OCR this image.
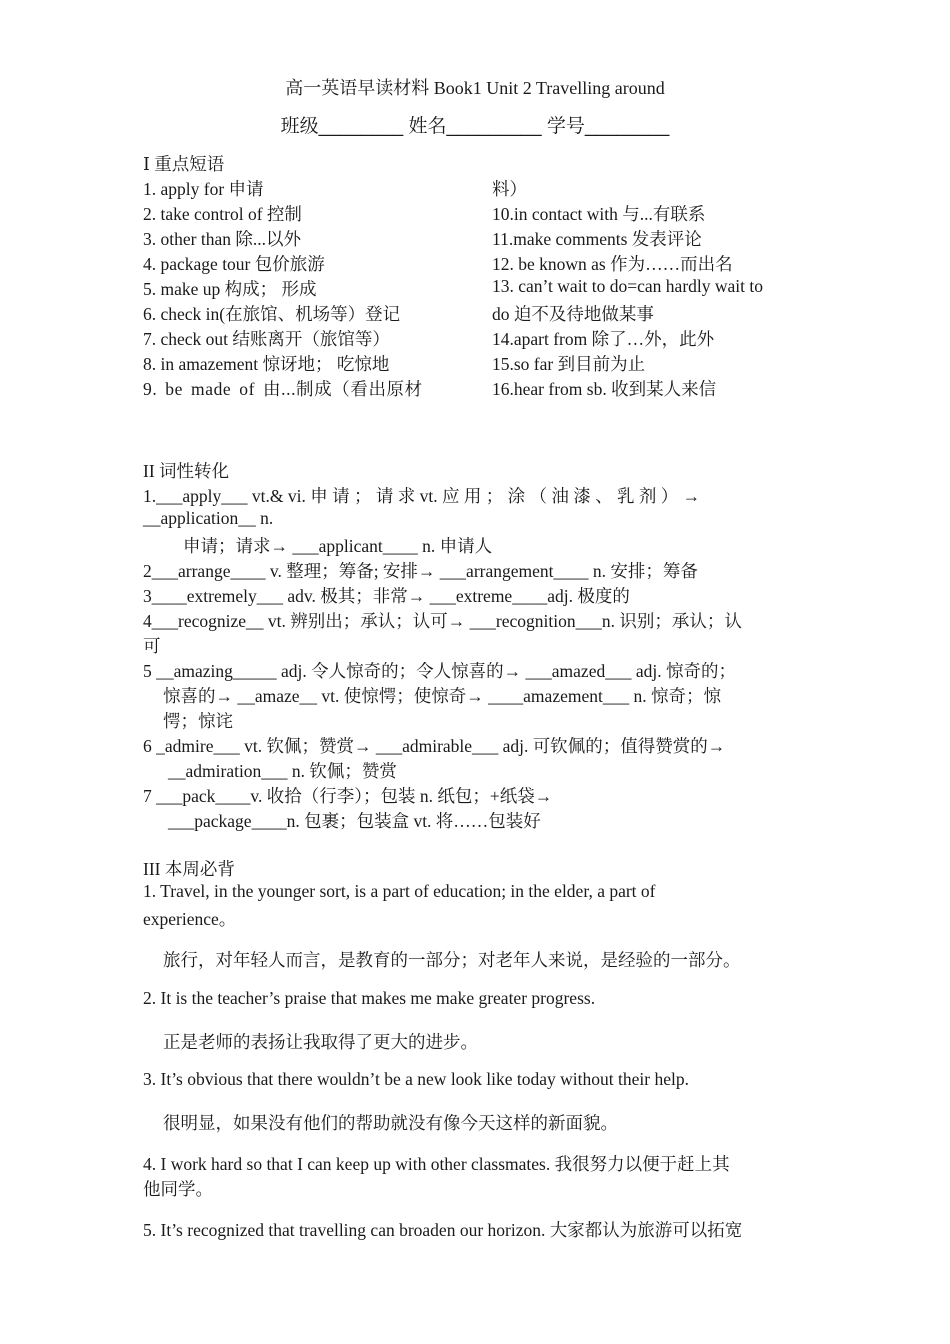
高一英语早读材料 Book1 Unit 2 Travelling around
班级________ 姓名_________ 学号________
Ⅰ 重点短语
1. apply for 申请
2. take control of 控制
3. other than 除...以外
4. package tour 包价旅游
5. make up 构成； 形成
6. check in(在旅馆、机场等）登记
7. check out 结账离开（旅馆等）
8. in amazement 惊讶地； 吃惊地
9. be made of 由...制成（看出原材
料）
10.in contact with 与...有联系
11.make comments 发表评论
12. be known as 作为……而出名
13. can’t wait to do=can hardly wait to
do 迫不及待地做某事
14.apart from 除了…外，此外
15.so far 到目前为止
16.hear from sb. 收到某人来信
II 词性转化
1.___apply___ vt.& vi. 申 请 ； 请 求 vt. 应 用 ； 涂 （ 油 漆 、 乳 剂 ） →
__application__ n.
申请；请求→ ___applicant____ n. 申请人
2___arrange____ v. 整理；筹备; 安排→ ___arrangement____ n. 安排；筹备
3____extremely___ adv. 极其；非常→ ___extreme____adj. 极度的
4___recognize__ vt. 辨别出；承认；认可→ ___recognition___n. 识别；承认；认
可
5 __amazing_____ adj. 令人惊奇的；令人惊喜的→ ___amazed___ adj. 惊奇的；
惊喜的→ __amaze__ vt. 使惊愕；使惊奇→ ____amazement___ n. 惊奇；惊
愕；惊诧
6 _admire___ vt. 钦佩；赞赏→ ___admirable___ adj. 可钦佩的；值得赞赏的→
__admiration___ n. 钦佩；赞赏
7 ___pack____v. 收拾（行李）；包装 n. 纸包；+纸袋→
___package____n. 包裹；包装盒 vt. 将……包装好
III 本周必背
1. Travel, in the younger sort, is a part of education; in the elder, a part of
experience。
旅行，对年轻人而言，是教育的一部分；对老年人来说，是经验的一部分。
2. It is the teacher’s praise that makes me make greater progress.
正是老师的表扬让我取得了更大的进步。
3. It’s obvious that there wouldn’t be a new look like today without their help.
很明显，如果没有他们的帮助就没有像今天这样的新面貌。
4. I work hard so that I can keep up with other classmates. 我很努力以便于赶上其
他同学。
5. It’s recognized that travelling can broaden our horizon. 大家都认为旅游可以拓宽
